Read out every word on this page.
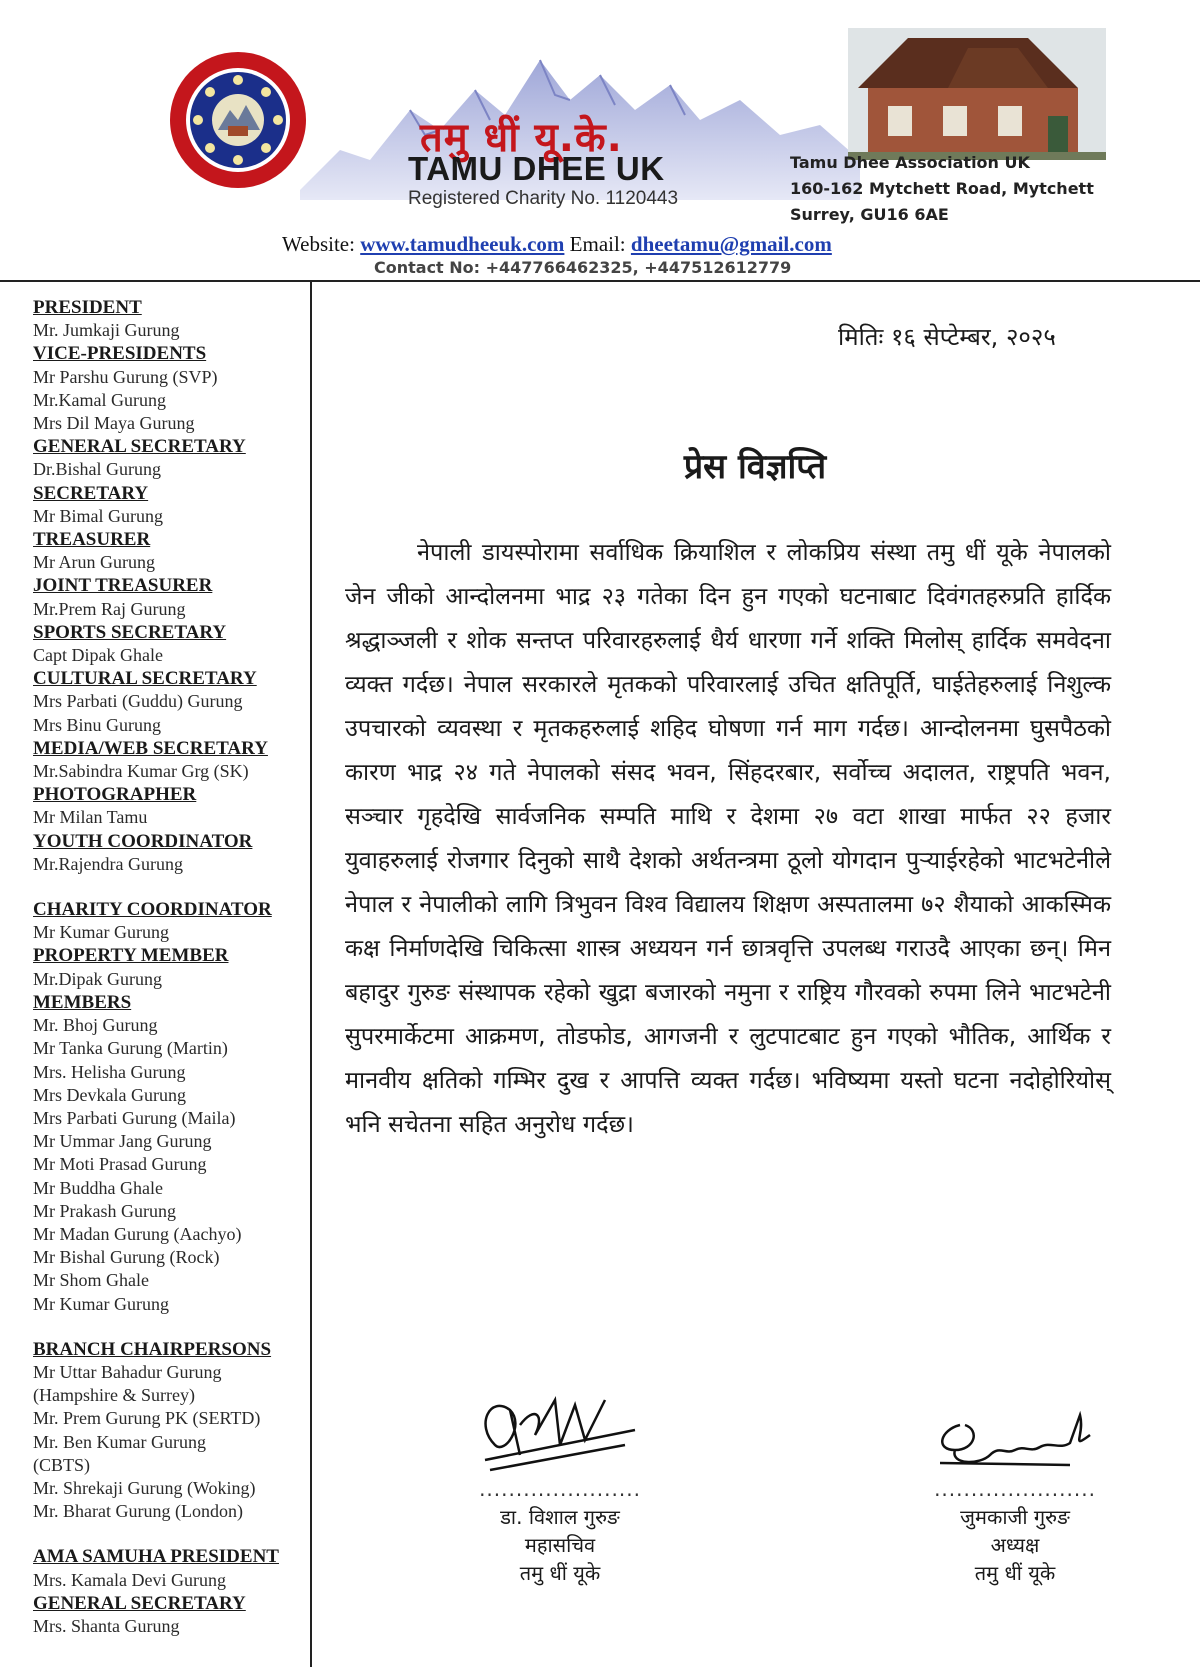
तमु धीं यू.के.
TAMU DHEE UK
Registered Charity No. 1120443
Tamu Dhee Association UK
160-162 Mytchett Road, Mytchett
Surrey, GU16 6AE
Website: www.tamudheeuk.com Email: dheetamu@gmail.com
Contact No: +447766462325, +447512612779
PRESIDENT
Mr. Jumkaji Gurung
VICE-PRESIDENTS
Mr Parshu Gurung (SVP)
Mr.Kamal Gurung
Mrs Dil Maya Gurung
GENERAL SECRETARY
Dr.Bishal Gurung
SECRETARY
Mr Bimal Gurung
TREASURER
Mr Arun Gurung
JOINT TREASURER
Mr.Prem Raj Gurung
SPORTS SECRETARY
Capt Dipak Ghale
CULTURAL SECRETARY
Mrs Parbati (Guddu) Gurung
Mrs Binu Gurung
MEDIA/WEB SECRETARY
Mr.Sabindra Kumar Grg (SK)
PHOTOGRAPHER
Mr Milan Tamu
YOUTH COORDINATOR
Mr.Rajendra Gurung
CHARITY COORDINATOR
Mr Kumar Gurung
PROPERTY MEMBER
Mr.Dipak Gurung
MEMBERS
Mr. Bhoj Gurung
Mr Tanka Gurung (Martin)
Mrs. Helisha Gurung
Mrs Devkala Gurung
Mrs Parbati Gurung (Maila)
Mr Ummar Jang Gurung
Mr Moti Prasad Gurung
Mr Buddha Ghale
Mr Prakash Gurung
Mr Madan Gurung (Aachyo)
Mr Bishal Gurung (Rock)
Mr Shom Ghale
Mr Kumar Gurung
BRANCH CHAIRPERSONS
Mr Uttar Bahadur Gurung
(Hampshire & Surrey)
Mr. Prem Gurung PK (SERTD)
Mr. Ben Kumar Gurung
(CBTS)
Mr. Shrekaji Gurung (Woking)
Mr. Bharat Gurung (London)
AMA SAMUHA PRESIDENT
Mrs. Kamala Devi Gurung
GENERAL SECRETARY
Mrs. Shanta Gurung
मितिः १६ सेप्टेम्बर, २०२५
प्रेस विज्ञप्ति
नेपाली डायस्पोरामा सर्वाधिक क्रियाशिल र लोकप्रिय संस्था तमु धीं यूके नेपालको जेन जीको आन्दोलनमा भाद्र २३ गतेका दिन हुन गएको घटनाबाट दिवंगतहरुप्रति हार्दिक श्रद्धाञ्जली र शोक सन्तप्त परिवारहरुलाई धैर्य धारणा गर्ने शक्ति मिलोस् हार्दिक समवेदना व्यक्त गर्दछ। नेपाल सरकारले मृतकको परिवारलाई उचित क्षतिपूर्ति, घाईतेहरुलाई निशुल्क उपचारको व्यवस्था र मृतकहरुलाई शहिद घोषणा गर्न माग गर्दछ। आन्दोलनमा घुसपैठको कारण भाद्र २४ गते नेपालको संसद भवन, सिंहदरबार, सर्वोच्च अदालत, राष्ट्रपति भवन, सञ्चार गृहदेखि सार्वजनिक सम्पति माथि र देशमा २७ वटा शाखा मार्फत २२ हजार युवाहरुलाई रोजगार दिनुको साथै देशको अर्थतन्त्रमा ठूलो योगदान पुर्‍याईरहेको भाटभटेनीले नेपाल र नेपालीको लागि त्रिभुवन विश्व विद्यालय शिक्षण अस्पतालमा ७२ शैयाको आकस्मिक कक्ष निर्माणदेखि चिकित्सा शास्त्र अध्ययन गर्न छात्रवृत्ति उपलब्ध गराउदै आएका छन्। मिन बहादुर गुरुङ संस्थापक रहेको खुद्रा बजारको नमुना र राष्ट्रिय गौरवको रुपमा लिने भाटभटेनी सुपरमार्केटमा आक्रमण, तोडफोड, आगजनी र लुटपाटबाट हुन गएको भौतिक, आर्थिक र मानवीय क्षतिको गम्भिर दुख र आपत्ति व्यक्त गर्दछ। भविष्यमा यस्तो घटना नदोहोरियोस् भनि सचेतना सहित अनुरोध गर्दछ।
......................
डा. विशाल गुरुङ
महासचिव
तमु धीं यूके
......................
जुमकाजी गुरुङ
अध्यक्ष
तमु धीं यूके
